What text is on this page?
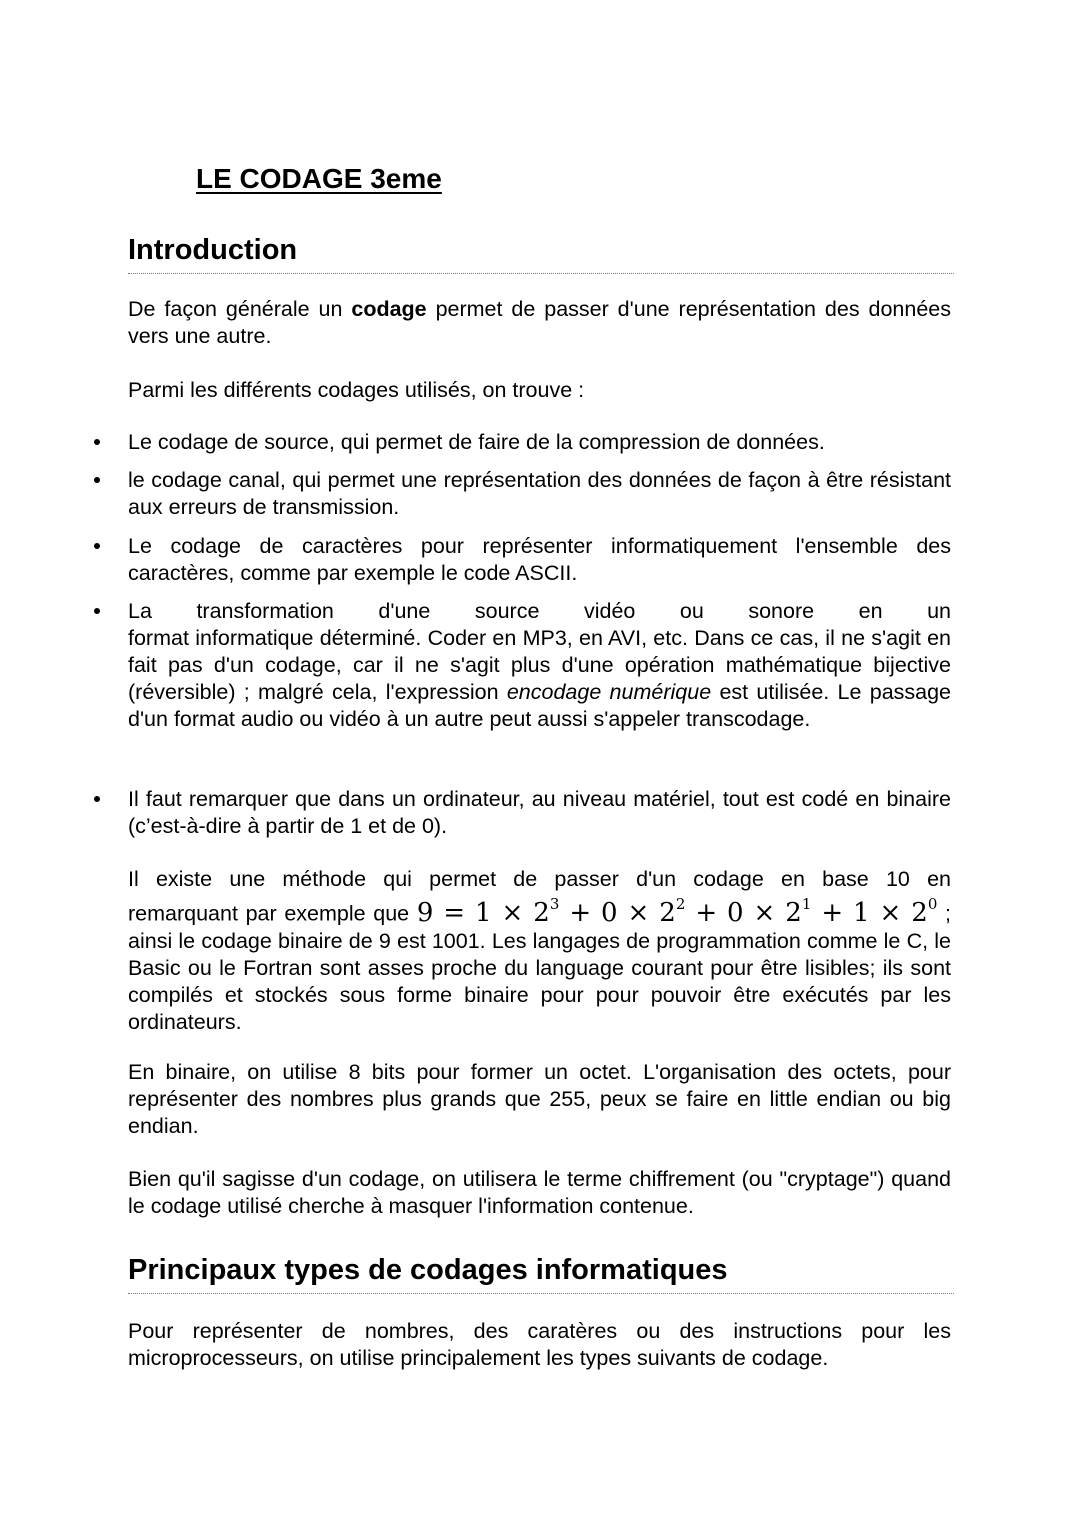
LE CODAGE 3eme
Introduction

De façon générale un codage permet de passer d'une représentation des données vers une autre.

Parmi les différents codages utilisés, on trouve :

Le codage de source, qui permet de faire de la compression de données.

le codage canal, qui permet une représentation des données de façon à être résistant aux erreurs de transmission.

Le codage de caractères pour représenter informatiquement l'ensemble des caractères, comme par exemple le code ASCII.

La transformation d'une source vidéo ou sonore en un
format informatique déterminé. Coder en MP3, en AVI, etc. Dans ce cas, il ne s'agit en fait pas d'un codage, car il ne s'agit plus d'une opération mathématique bijective (réversible) ; malgré cela, l'expression encodage numérique est utilisée. Le passage d'un format audio ou vidéo à un autre peut aussi s'appeler transcodage.

Il faut remarquer que dans un ordinateur, au niveau matériel, tout est codé en binaire (c’est-à-dire à partir de 1 et de 0).

Il existe une méthode qui permet de passer d'un codage en base 10 en
remarquant par exemple que $9 = 1 \times 2^3 + 0 \times 2^2 + 0 \times 2^1 + 1 \times 2^0$ ; ainsi le codage binaire de 9 est 1001. Les langages de programmation comme le C, le Basic ou le Fortran sont asses proche du language courant pour être lisibles; ils sont compilés et stockés sous forme binaire pour pour pouvoir être exécutés par les ordinateurs.

En binaire, on utilise 8 bits pour former un octet. L'organisation des octets, pour représenter des nombres plus grands que 255, peux se faire en little endian ou big endian.

Bien qu'il sagisse d'un codage, on utilisera le terme chiffrement (ou "cryptage") quand le codage utilisé cherche à masquer l'information contenue.

Principaux types de codages informatiques

Pour représenter de nombres, des caratères ou des instructions pour les microprocesseurs, on utilise principalement les types suivants de codage.
